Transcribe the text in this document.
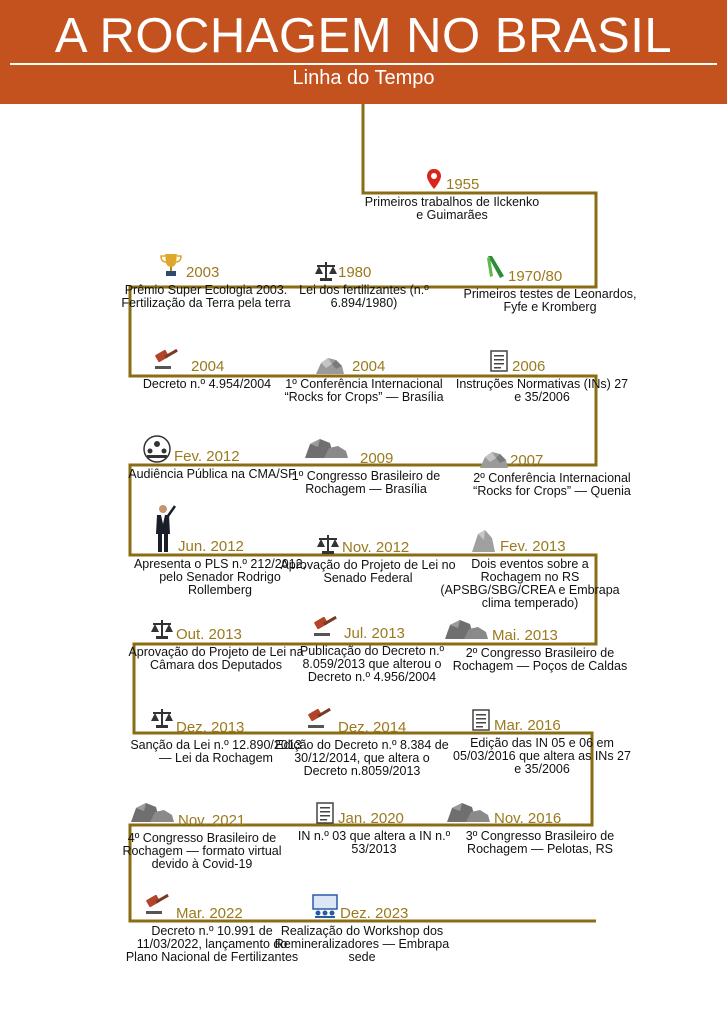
A ROCHAGEM NO BRASIL
Linha do Tempo
1955
Primeiros trabalhos de Ilckenko e Guimarães
1970/80
Primeiros testes de Leonardos, Fyfe e Kromberg
1980
Lei dos fertilizantes (n.º 6.894/1980)
2003
Prêmio Super Ecologia 2003. Fertilização da Terra pela terra
2004
Decreto n.º 4.954/2004
2004
1º Conferência Internacional “Rocks for Crops” — Brasília
2006
Instruções Normativas (INs) 27 e 35/2006
2007
2º Conferência Internacional “Rocks for Crops” — Quenia
2009
1º Congresso Brasileiro de Rochagem — Brasília
Fev. 2012
Audiência Pública na CMA/SF
Jun. 2012
Apresenta o PLS n.º 212/2012, pelo Senador Rodrigo Rollemberg
Nov. 2012
Aprovação do Projeto de Lei no Senado Federal
Fev. 2013
Dois eventos sobre a Rochagem no RS (APSBG/SBG/CREA e Embrapa clima temperado)
Mai. 2013
2º Congresso Brasileiro de Rochagem — Poços de Caldas
Jul. 2013
Publicação do Decreto n.º 8.059/2013 que alterou o Decreto n.º 4.956/2004
Out. 2013
Aprovação do Projeto de Lei na Câmara dos Deputados
Dez. 2013
Sanção da Lei n.º 12.890/2013 — Lei da Rochagem
Dez. 2014
Edição do Decreto n.º 8.384 de 30/12/2014, que altera o Decreto n.8059/2013
Mar. 2016
Edição das IN 05 e 06 em 05/03/2016 que altera as INs 27 e 35/2006
Nov. 2016
3º Congresso Brasileiro de Rochagem — Pelotas, RS
Jan. 2020
IN n.º 03 que altera a IN n.º 53/2013
Nov. 2021
4º Congresso Brasileiro de Rochagem — formato virtual devido à Covid-19
Mar. 2022
Decreto n.º 10.991 de 11/03/2022, lançamento do Plano Nacional de Fertilizantes
Dez. 2023
Realização do Workshop dos Remineralizadores — Embrapa sede
